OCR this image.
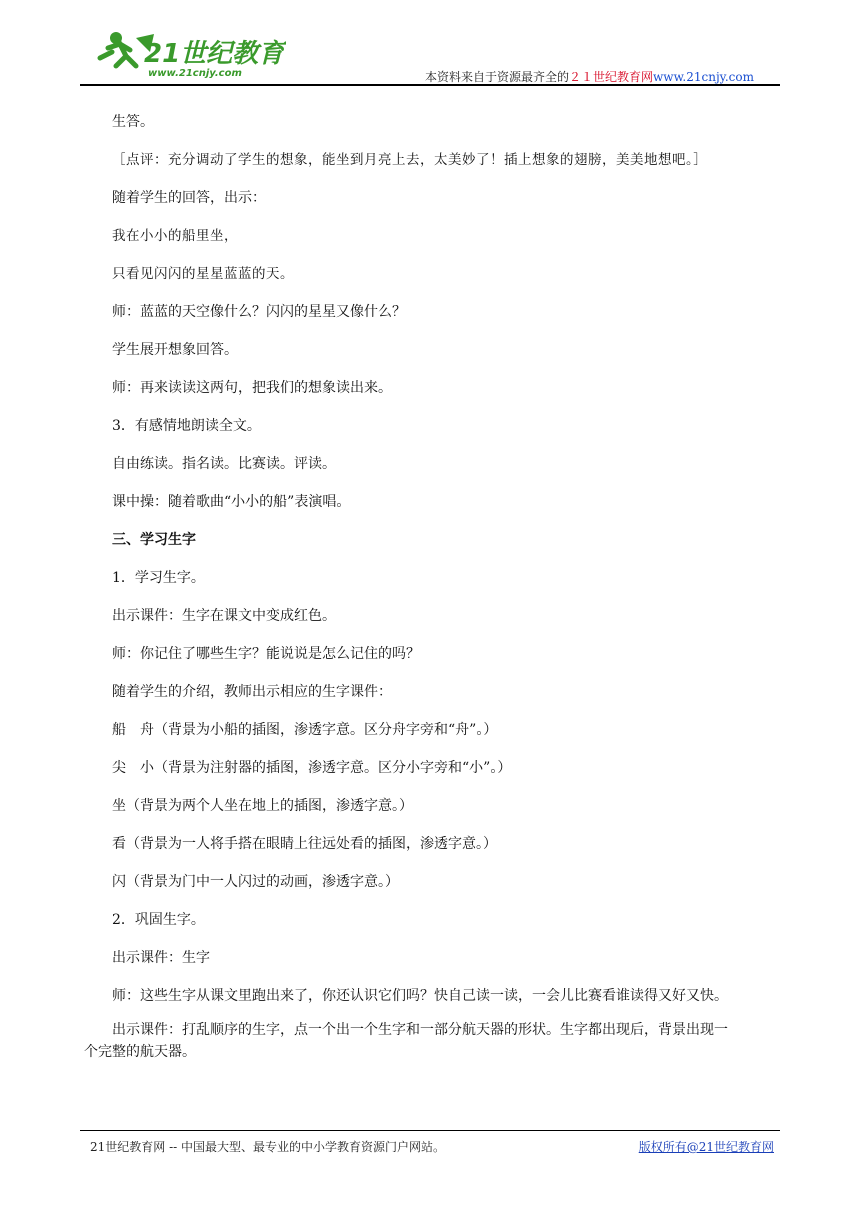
21世纪教育
www.21cnjy.com	本资料来自于资源最齐全的２１世纪教育网www.21cnjy.com
生答。
［点评：充分调动了学生的想象，能坐到月亮上去，太美妙了！插上想象的翅膀，美美地想吧。］
随着学生的回答，出示：
我在小小的船里坐，
只看见闪闪的星星蓝蓝的天。
师：蓝蓝的天空像什么？闪闪的星星又像什么？
学生展开想象回答。
师：再来读读这两句，把我们的想象读出来。
3．有感情地朗读全文。
自由练读。指名读。比赛读。评读。
课中操：随着歌曲“小小的船”表演唱。
三、学习生字
1．学习生字。
出示课件：生字在课文中变成红色。
师：你记住了哪些生字？能说说是怎么记住的吗？
随着学生的介绍，教师出示相应的生字课件：
船　舟（背景为小船的插图，渗透字意。区分舟字旁和“舟”。）
尖　小（背景为注射器的插图，渗透字意。区分小字旁和“小”。）
坐（背景为两个人坐在地上的插图，渗透字意。）
看（背景为一人将手搭在眼睛上往远处看的插图，渗透字意。）
闪（背景为门中一人闪过的动画，渗透字意。）
2．巩固生字。
出示课件：生字
师：这些生字从课文里跑出来了，你还认识它们吗？快自己读一读，一会儿比赛看谁读得又好又快。
出示课件：打乱顺序的生字，点一个出一个生字和一部分航天器的形状。生字都出现后，背景出现一
个完整的航天器。
21世纪教育网 -- 中国最大型、最专业的中小学教育资源门户网站。	版权所有@21世纪教育网
